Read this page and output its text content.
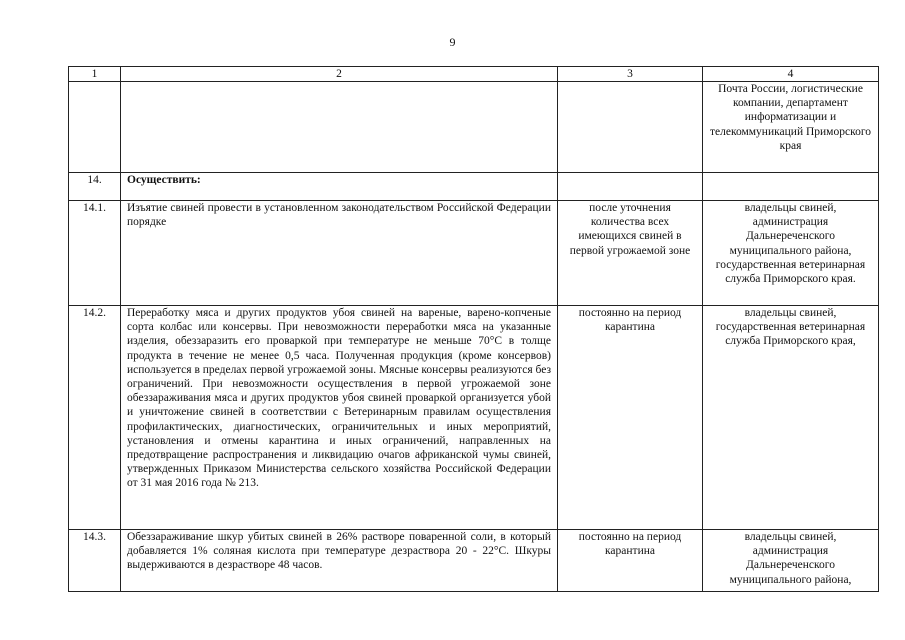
9
1	2	3	4
			Почта России, логистические компании, департамент информатизации и телекоммуникаций Приморского края
14.	Осуществить:		
14.1.	Изъятие свиней провести в установленном законодательством Российской Федерации порядке	после уточнения количества всех имеющихся свиней в первой угрожаемой зоне	владельцы свиней, администрация Дальнереченского муниципального района, государственная ветеринарная служба Приморского края.
14.2.	Переработку мяса и других продуктов убоя свиней на вареные, варено-копченые сорта колбас или консервы. При невозможности переработки мяса на указанные изделия, обеззаразить его проваркой при температуре не меньше 70°С в толще продукта в течение не менее 0,5 часа. Полученная продукция (кроме консервов) используется в пределах первой угрожаемой зоны. Мясные консервы реализуются без ограничений. При невозможности осуществления в первой угрожаемой зоне обеззараживания мяса и других продуктов убоя свиней проваркой организуется убой и уничтожение свиней в соответствии с Ветеринарным правилам осуществления профилактических, диагностических, ограничительных и иных мероприятий, установления и отмены карантина и иных ограничений, направленных на предотвращение распространения и ликвидацию очагов африканской чумы свиней, утвержденных Приказом Министерства сельского хозяйства Российской Федерации от 31 мая 2016 года № 213.	постоянно на период карантина	владельцы свиней, государственная ветеринарная служба Приморского края,
14.3.	Обеззараживание шкур убитых свиней в 26% растворе поваренной соли, в который добавляется 1% соляная кислота при температуре дезраствора 20 - 22°С. Шкуры выдерживаются в дезрастворе 48 часов.	постоянно на период карантина	владельцы свиней, администрация Дальнереченского муниципального района,
